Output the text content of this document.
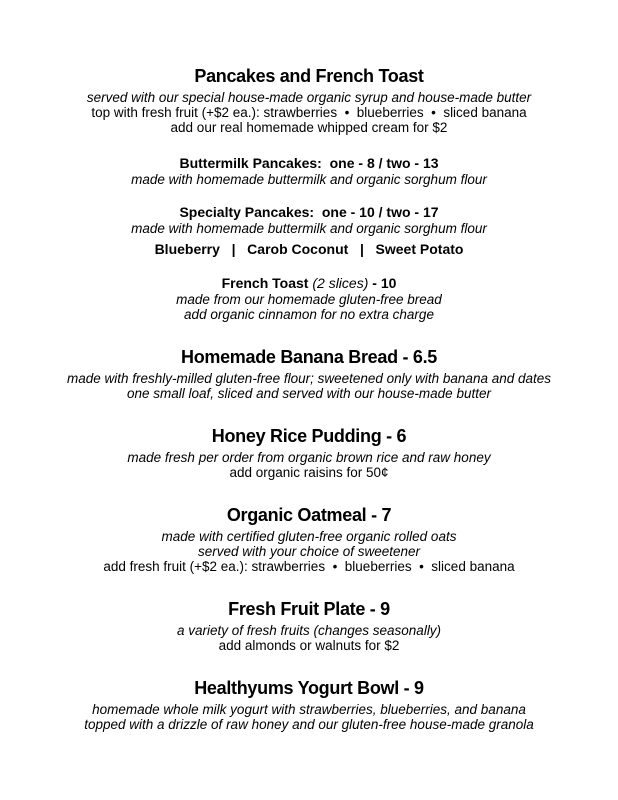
Pancakes and French Toast

served with our special house-made organic syrup and house-made butter

top with fresh fruit (+$2 ea.): strawberries  •  blueberries  •  sliced banana

add our real homemade whipped cream for $2

Buttermilk Pancakes:  one - 8 / two - 13

made with homemade buttermilk and organic sorghum flour

Specialty Pancakes:  one - 10 / two - 17

made with homemade buttermilk and organic sorghum flour

Blueberry   |   Carob Coconut   |   Sweet Potato

French Toast (2 slices) - 10

made from our homemade gluten-free bread

add organic cinnamon for no extra charge

Homemade Banana Bread - 6.5

made with freshly-milled gluten-free flour; sweetened only with banana and dates

one small loaf, sliced and served with our house-made butter

Honey Rice Pudding - 6

made fresh per order from organic brown rice and raw honey

add organic raisins for 50¢

Organic Oatmeal - 7

made with certified gluten-free organic rolled oats

served with your choice of sweetener

add fresh fruit (+$2 ea.): strawberries  •  blueberries  •  sliced banana

Fresh Fruit Plate - 9

a variety of fresh fruits (changes seasonally)

add almonds or walnuts for $2

Healthyums Yogurt Bowl - 9

homemade whole milk yogurt with strawberries, blueberries, and banana

topped with a drizzle of raw honey and our gluten-free house-made granola
